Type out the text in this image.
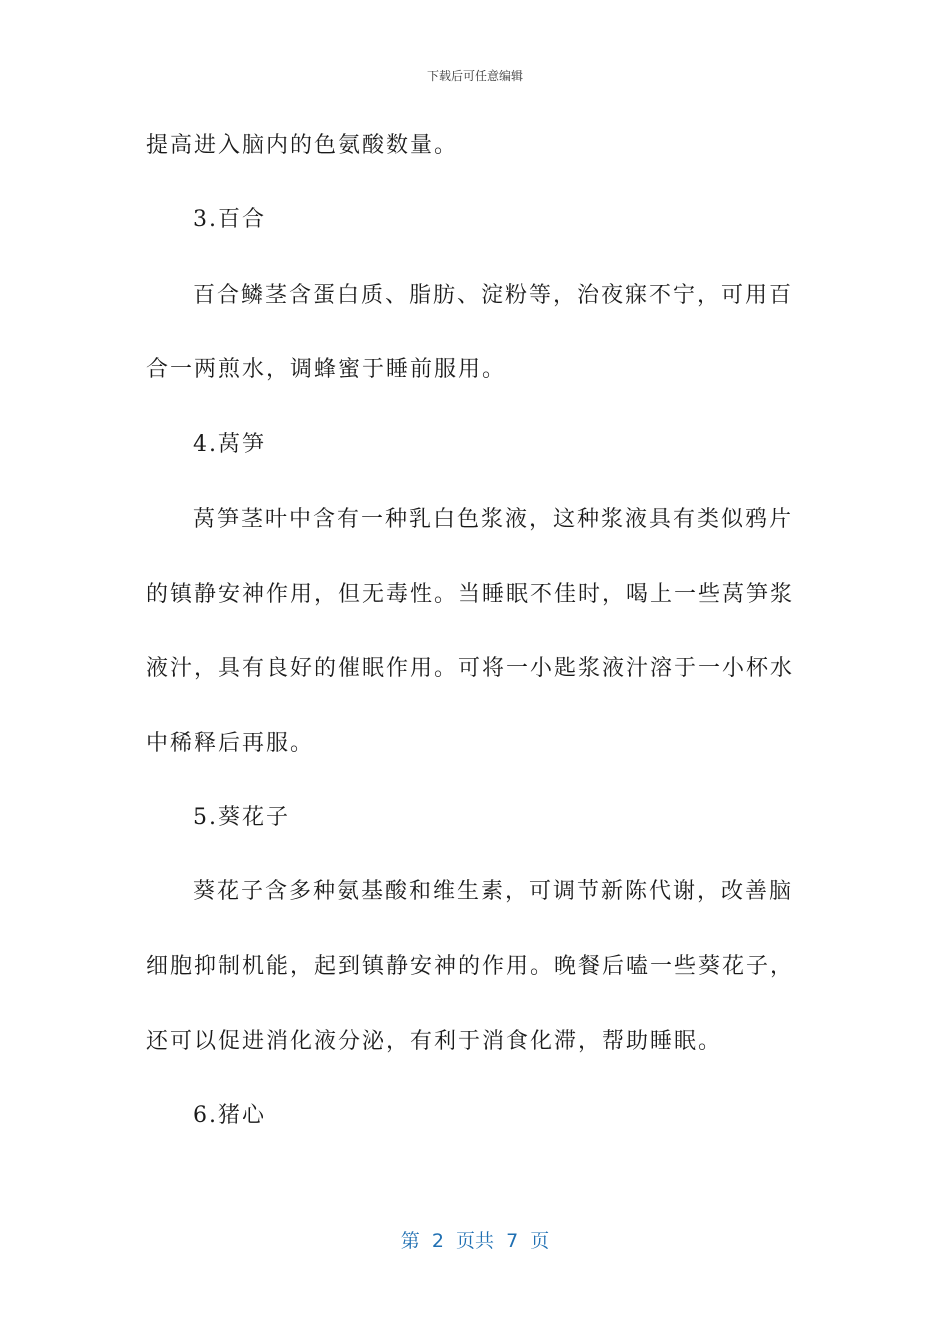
下载后可任意编辑
提高进入脑内的色氨酸数量。
3.百合
百合鳞茎含蛋白质、脂肪、淀粉等，治夜寐不宁，可用百
合一两煎水，调蜂蜜于睡前服用。
4.莴笋
莴笋茎叶中含有一种乳白色浆液，这种浆液具有类似鸦片
的镇静安神作用，但无毒性。当睡眠不佳时，喝上一些莴笋浆
液汁，具有良好的催眠作用。可将一小匙浆液汁溶于一小杯水
中稀释后再服。
5.葵花子
葵花子含多种氨基酸和维生素，可调节新陈代谢，改善脑
细胞抑制机能，起到镇静安神的作用。晚餐后嗑一些葵花子，
还可以促进消化液分泌，有利于消食化滞，帮助睡眠。
6.猪心
第  2  页共  7  页
